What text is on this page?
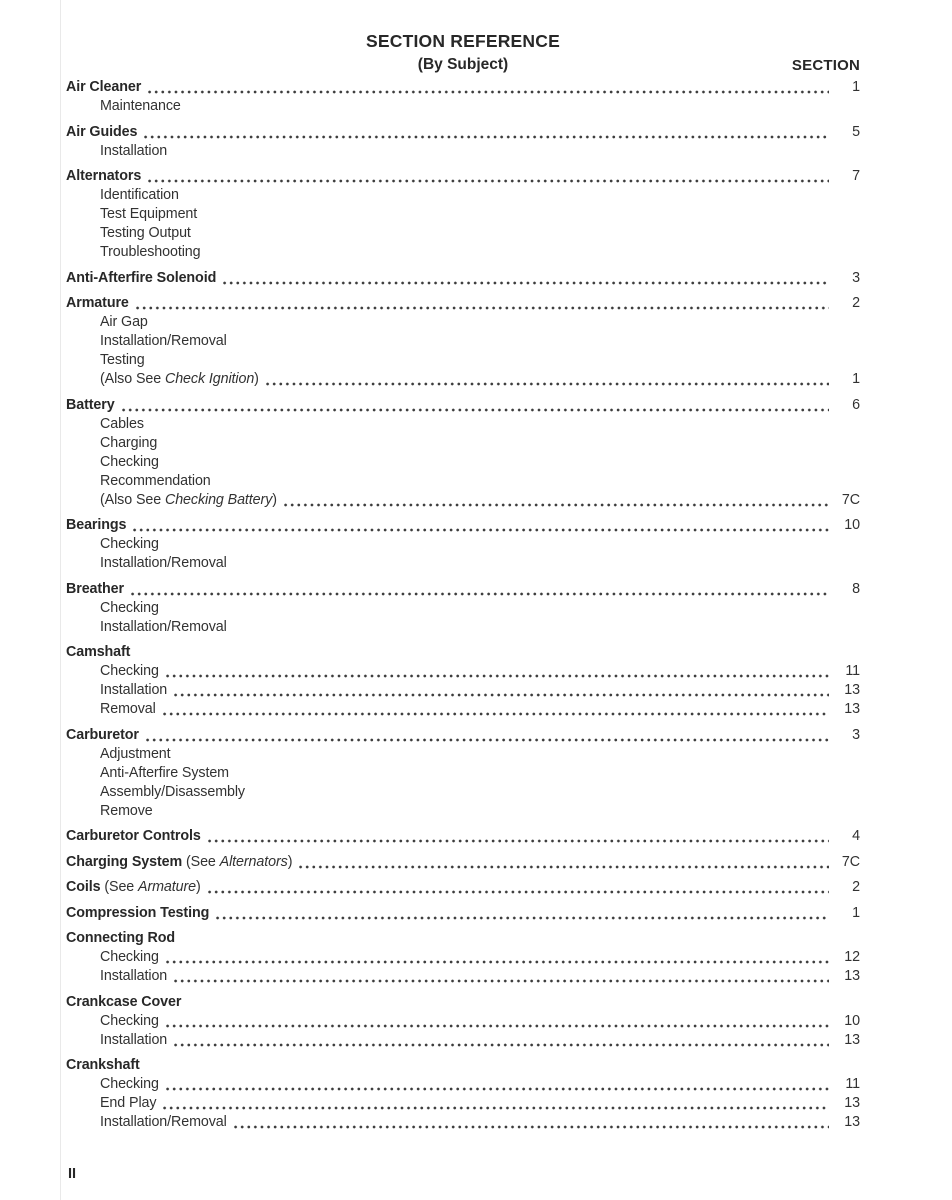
SECTION REFERENCE
(By Subject)	SECTION
Air Cleaner	1
Maintenance
Air Guides	5
Installation
Alternators	7
Identification
Test Equipment
Testing Output
Troubleshooting
Anti-Afterfire Solenoid	3
Armature	2
Air Gap
Installation/Removal
Testing
(Also See Check Ignition)	1
Battery	6
Cables
Charging
Checking
Recommendation
(Also See Checking Battery)	7C
Bearings	10
Checking
Installation/Removal
Breather	8
Checking
Installation/Removal
Camshaft
Checking	11
Installation	13
Removal	13
Carburetor	3
Adjustment
Anti-Afterfire System
Assembly/Disassembly
Remove
Carburetor Controls	4
Charging System (See Alternators)	7C
Coils (See Armature)	2
Compression Testing	1
Connecting Rod
Checking	12
Installation	13
Crankcase Cover
Checking	10
Installation	13
Crankshaft
Checking	11
End Play	13
Installation/Removal	13
II
